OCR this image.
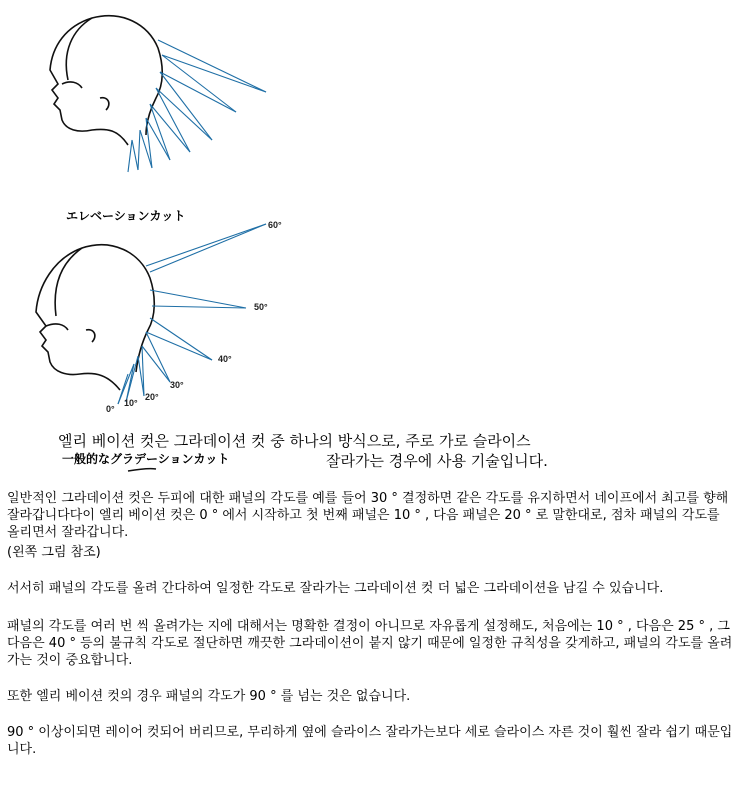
60°
50°
40°
30°
20°
10°
0°
エレベーションカット
엘리 베이션 컷은 그라데이션 컷 중 하나의 방식으로, 주로 가로 슬라이스
一般的なグラデーションカット	잘라가는 경우에 사용 기술입니다.
일반적인 그라데이션 컷은 두피에 대한 패널의 각도를 예를 들어 30 ° 결정하면 같은 각도를 유지하면서 네이프에서 최고를 향해 잘라갑니다다이 엘리 베이션 컷은 0 ° 에서 시작하고 첫 번째 패널은 10 ° , 다음 패널은 20 ° 로 말한대로, 점차 패널의 각도를 올리면서 잘라갑니다.
(왼쪽 그림 참조)
서서히 패널의 각도를 올려 간다하여 일정한 각도로 잘라가는 그라데이션 컷 더 넓은 그라데이션을 남길 수 있습니다.
패널의 각도를 여러 번 씩 올려가는 지에 대해서는 명확한 결정이 아니므로 자유롭게 설정해도, 처음에는 10 ° , 다음은 25 ° , 그 다음은 40 ° 등의 불규칙 각도로 절단하면 깨끗한 그라데이션이 붙지 않기 때문에 일정한 규칙성을 갖게하고, 패널의 각도를 올려가는 것이 중요합니다.
또한 엘리 베이션 컷의 경우 패널의 각도가 90 ° 를 넘는 것은 없습니다.
90 ° 이상이되면 레이어 컷되어 버리므로, 무리하게 옆에 슬라이스 잘라가는보다 세로 슬라이스 자른 것이 훨씬 잘라 쉽기 때문입니다.
